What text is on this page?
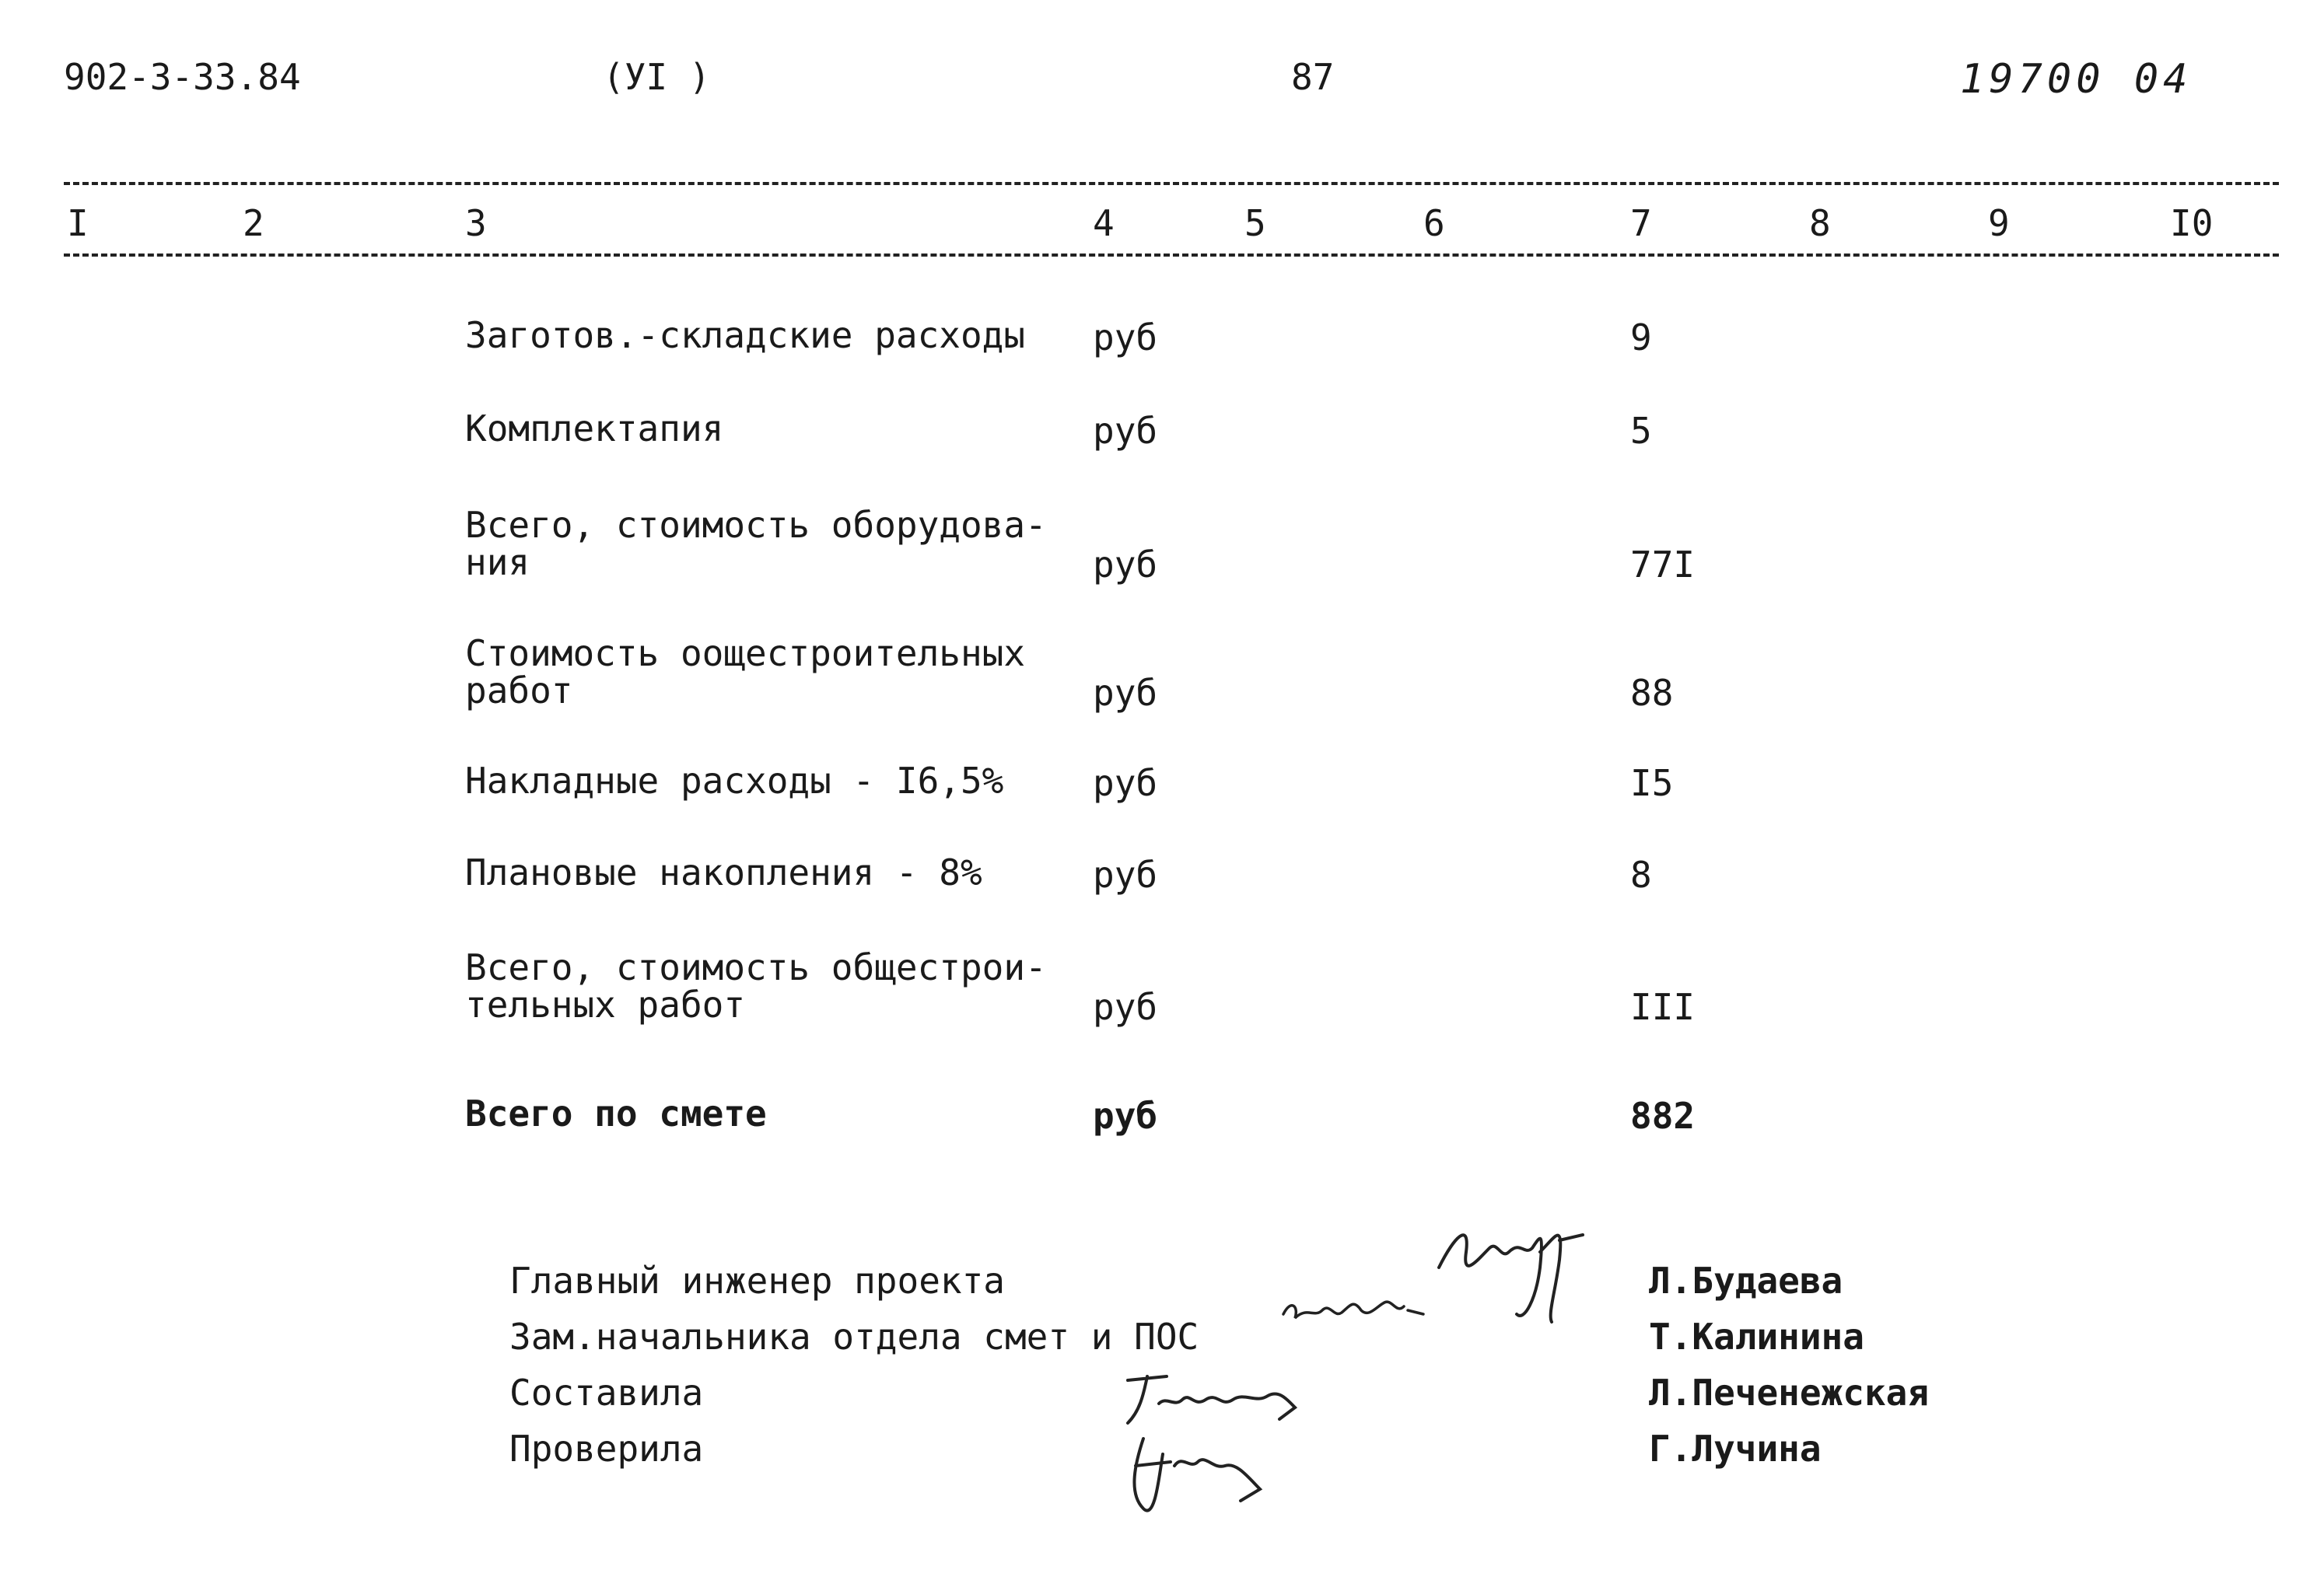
902-3-33.84	(УI )	87	19700 04
I	2	3	4	5	6	7	8	9	I0
Заготов.-складские расходы руб	9
Комплектапия	руб	5
Всего, стоимость оборудова-
ния	руб	77I
Стоимость оощестроительных
работ	руб	88
Накладные расходы - I6,5% руб	I5
Плановые накопления - 8%	руб	8
Всего, стоимость общестрои-
тельных работ	руб	III
Всего по смете	руб	882
Главный инженер проекта	Л.Будаева
Зам.начальника отдела смет и ПОС	Т.Калинина
Составила	Л.Печенежская
Проверила	Г.Лучина
